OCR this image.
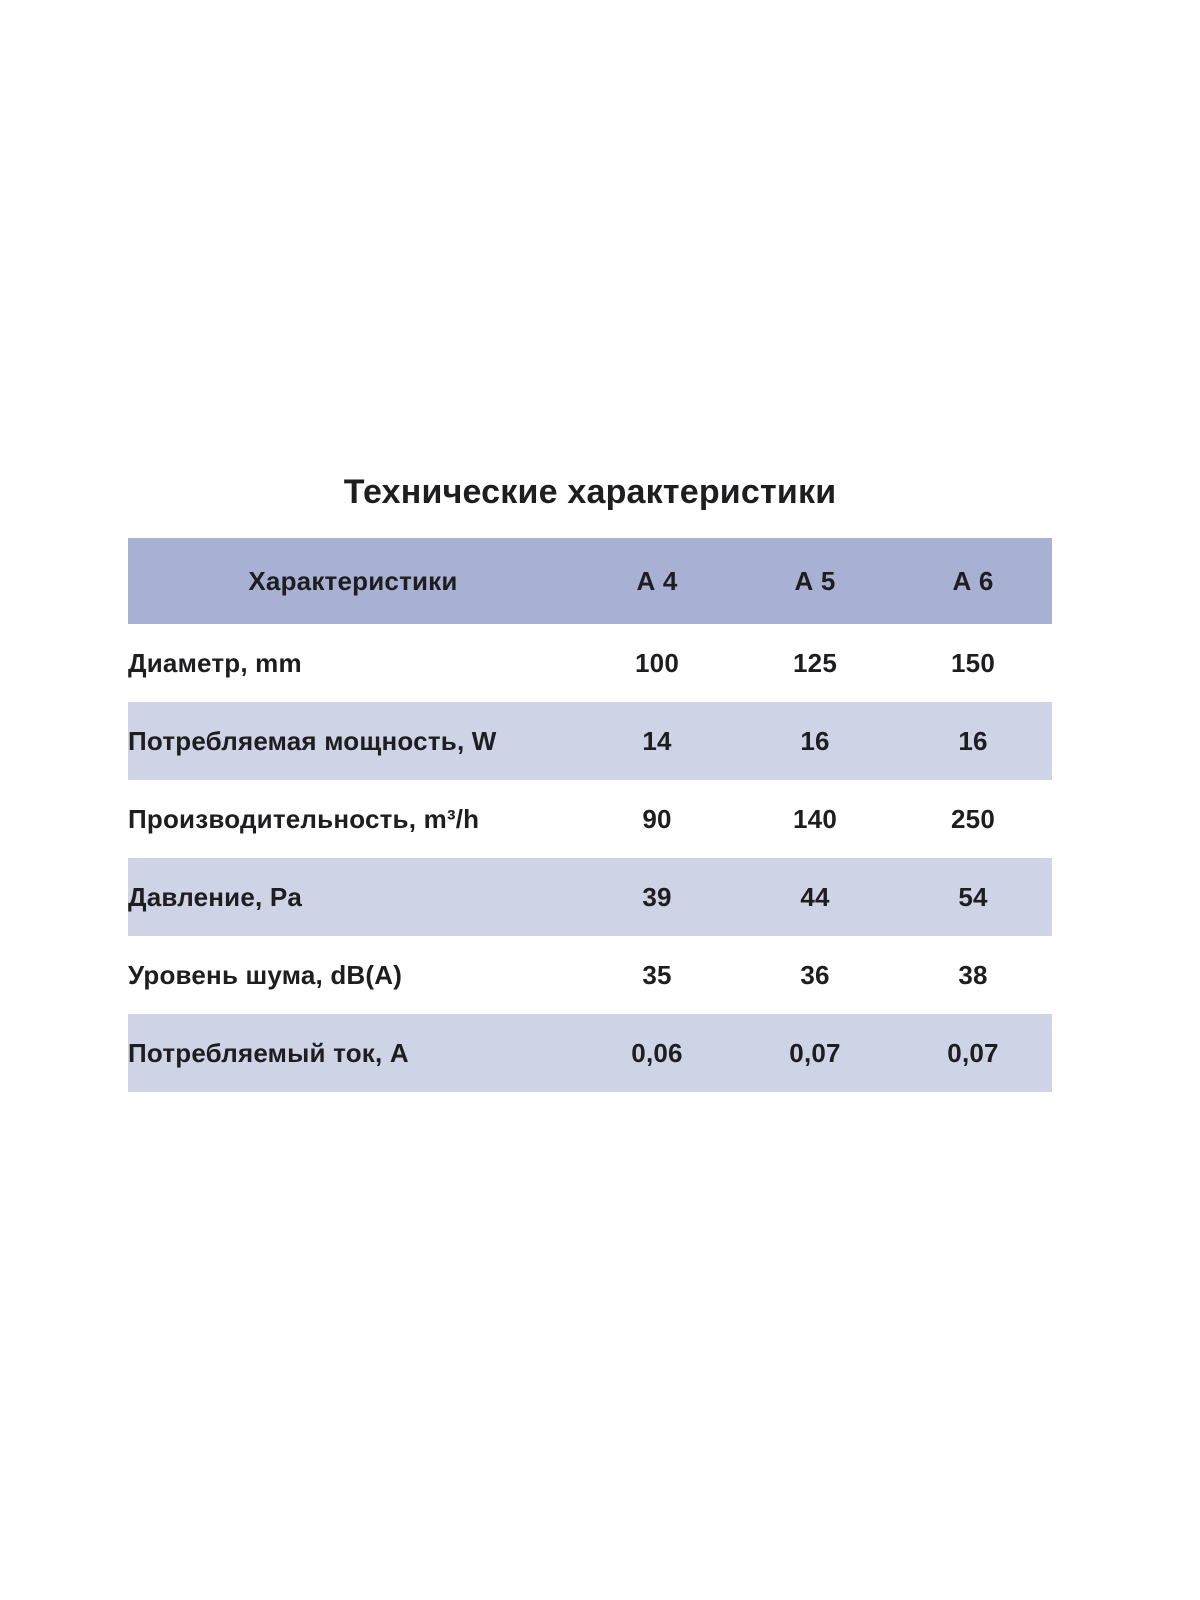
Технические характеристики
Характеристики	А 4	А 5	А 6
Диаметр, mm	100	125	150
Потребляемая мощность, W	14	16	16
Производительность, m³/h	90	140	250
Давление, Pa	39	44	54
Уровень шума, dB(A)	35	36	38
Потребляемый ток, А	0,06	0,07	0,07
